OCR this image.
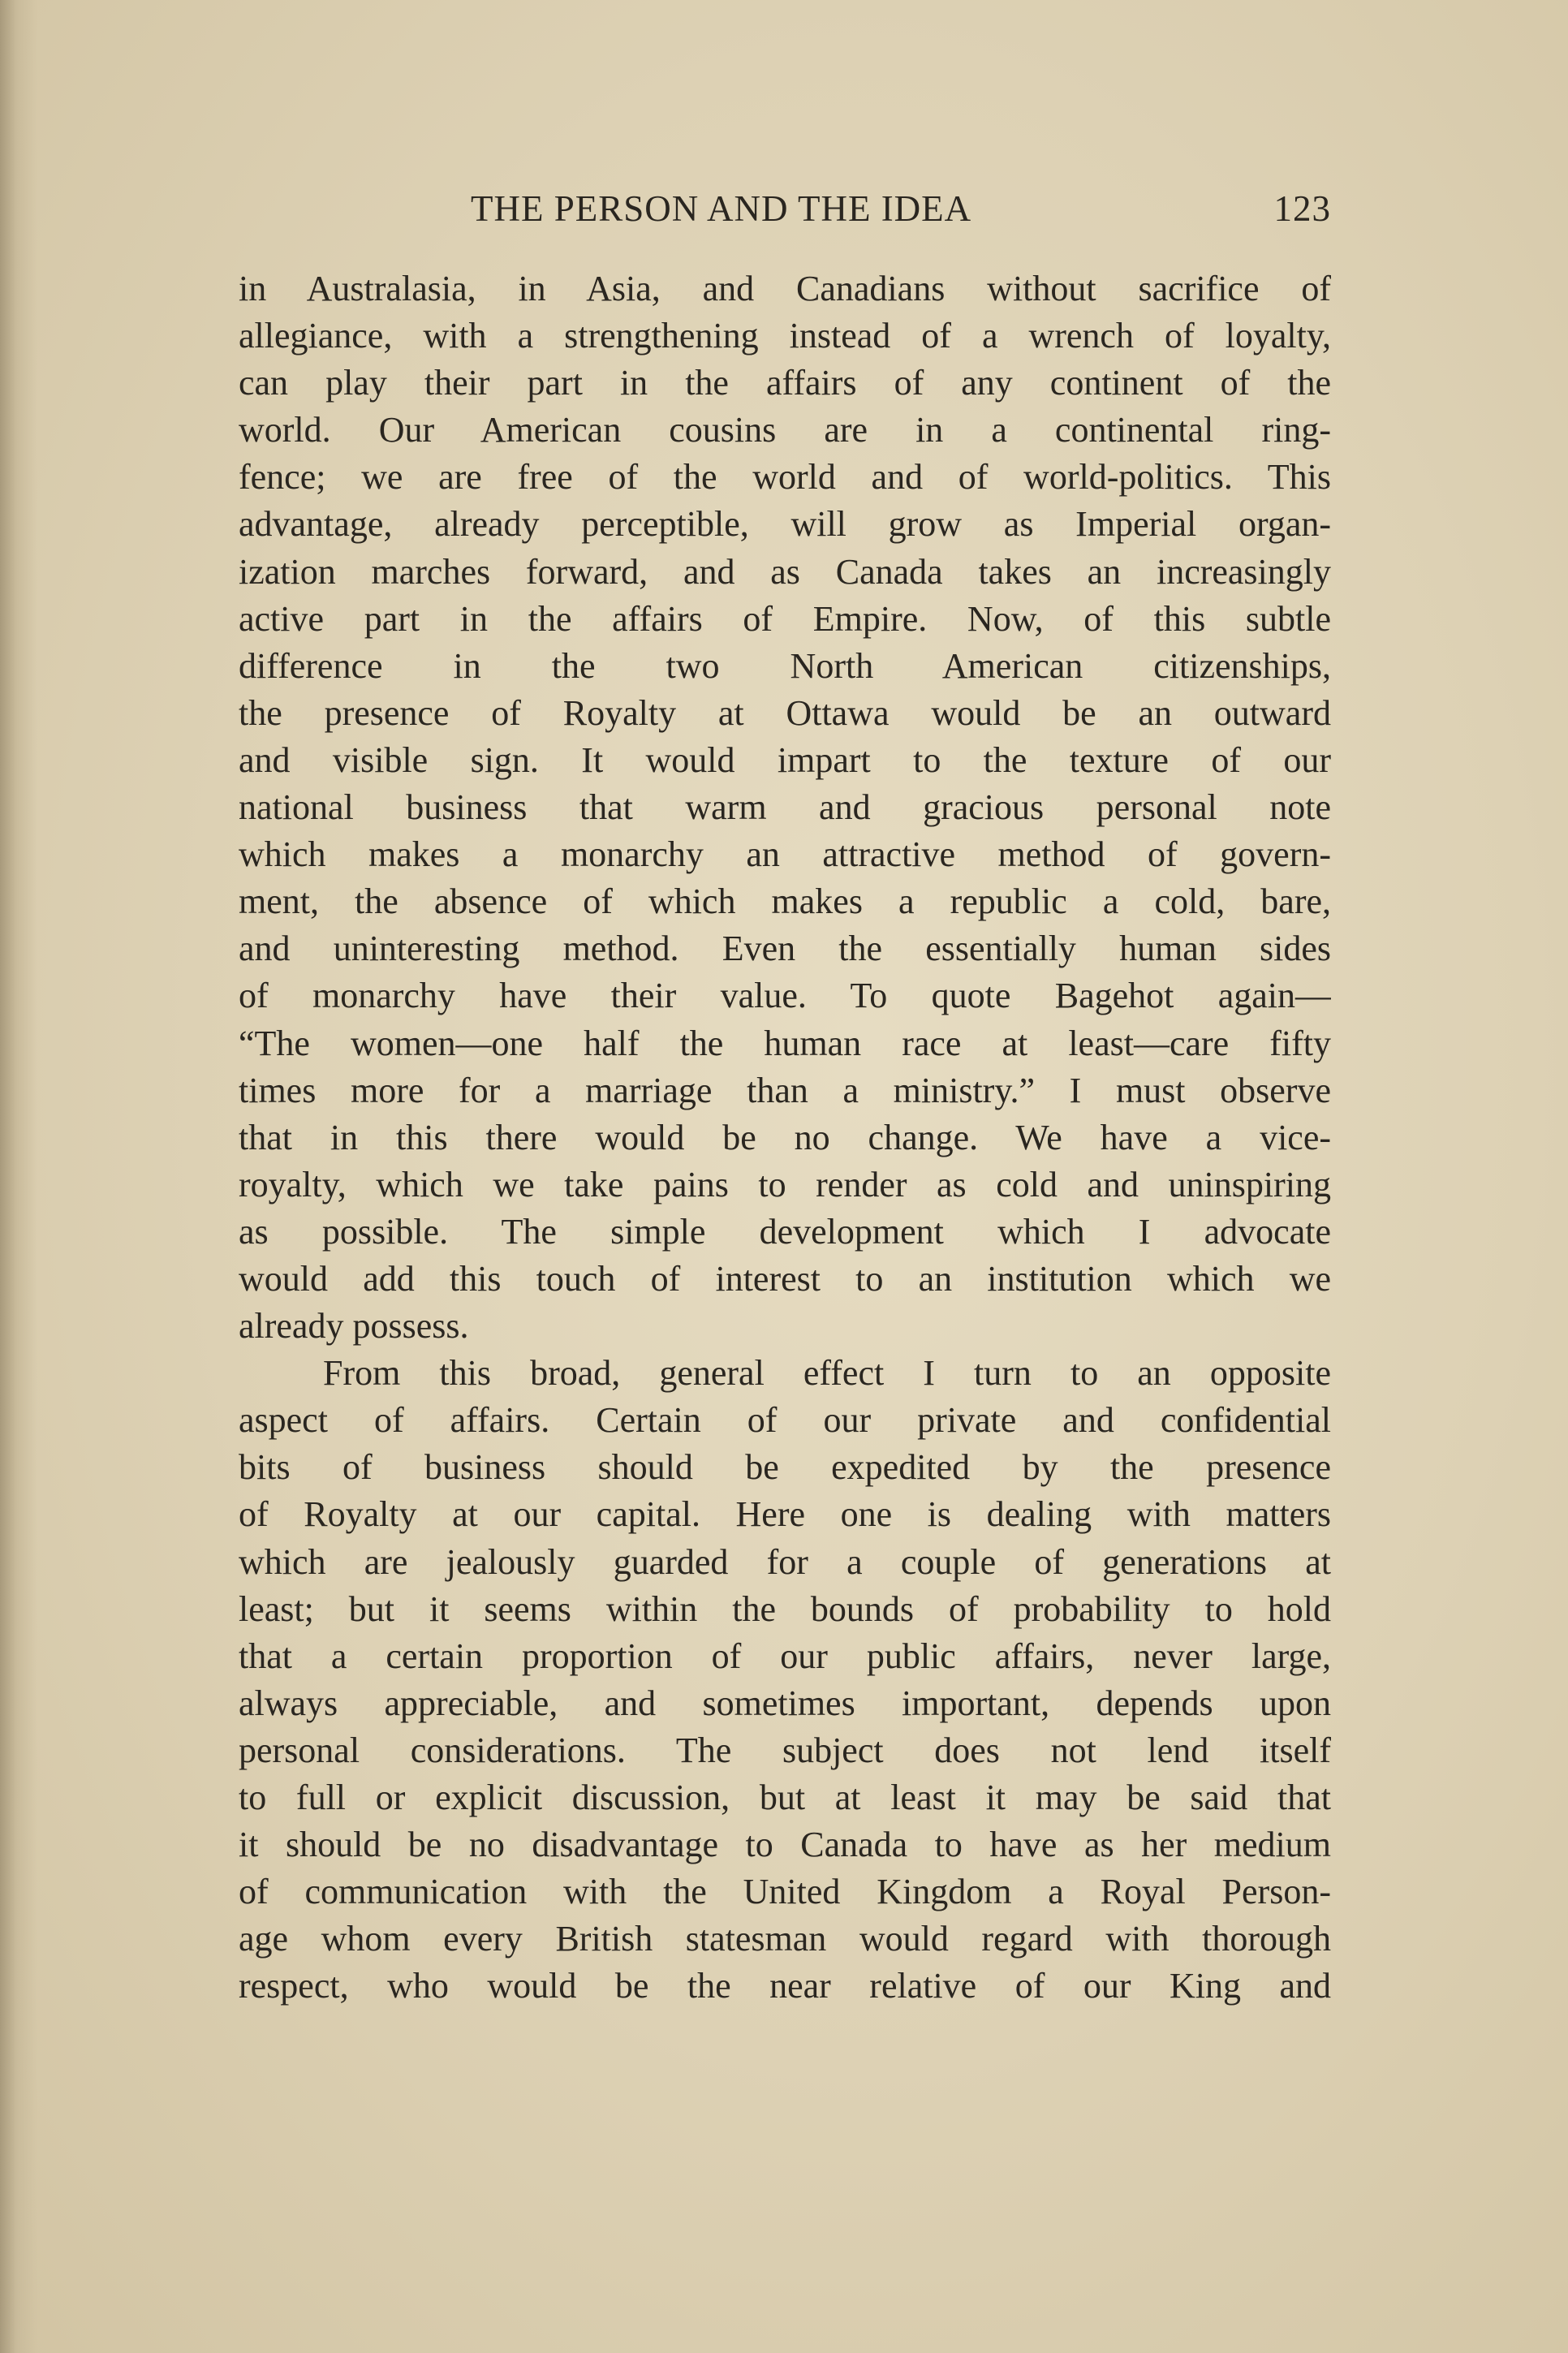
THE PERSON AND THE IDEA	123
in Australasia, in Asia, and Canadians without sacrifice of
allegiance, with a strengthening instead of a wrench of loyalty,
can play their part in the affairs of any continent of the
world. Our American cousins are in a continental ring-
fence; we are free of the world and of world-politics. This
advantage, already perceptible, will grow as Imperial organ-
ization marches forward, and as Canada takes an increasingly
active part in the affairs of Empire. Now, of this subtle
difference in the two North American citizenships,
the presence of Royalty at Ottawa would be an outward
and visible sign. It would impart to the texture of our
national business that warm and gracious personal note
which makes a monarchy an attractive method of govern-
ment, the absence of which makes a republic a cold, bare,
and uninteresting method. Even the essentially human sides
of monarchy have their value. To quote Bagehot again—
“The women—one half the human race at least—care fifty
times more for a marriage than a ministry.” I must observe
that in this there would be no change. We have a vice-
royalty, which we take pains to render as cold and uninspiring
as possible. The simple development which I advocate
would add this touch of interest to an institution which we
already possess.
From this broad, general effect I turn to an opposite
aspect of affairs. Certain of our private and confidential
bits of business should be expedited by the presence
of Royalty at our capital. Here one is dealing with matters
which are jealously guarded for a couple of generations at
least; but it seems within the bounds of probability to hold
that a certain proportion of our public affairs, never large,
always appreciable, and sometimes important, depends upon
personal considerations. The subject does not lend itself
to full or explicit discussion, but at least it may be said that
it should be no disadvantage to Canada to have as her medium
of communication with the United Kingdom a Royal Person-
age whom every British statesman would regard with thorough
respect, who would be the near relative of our King and
